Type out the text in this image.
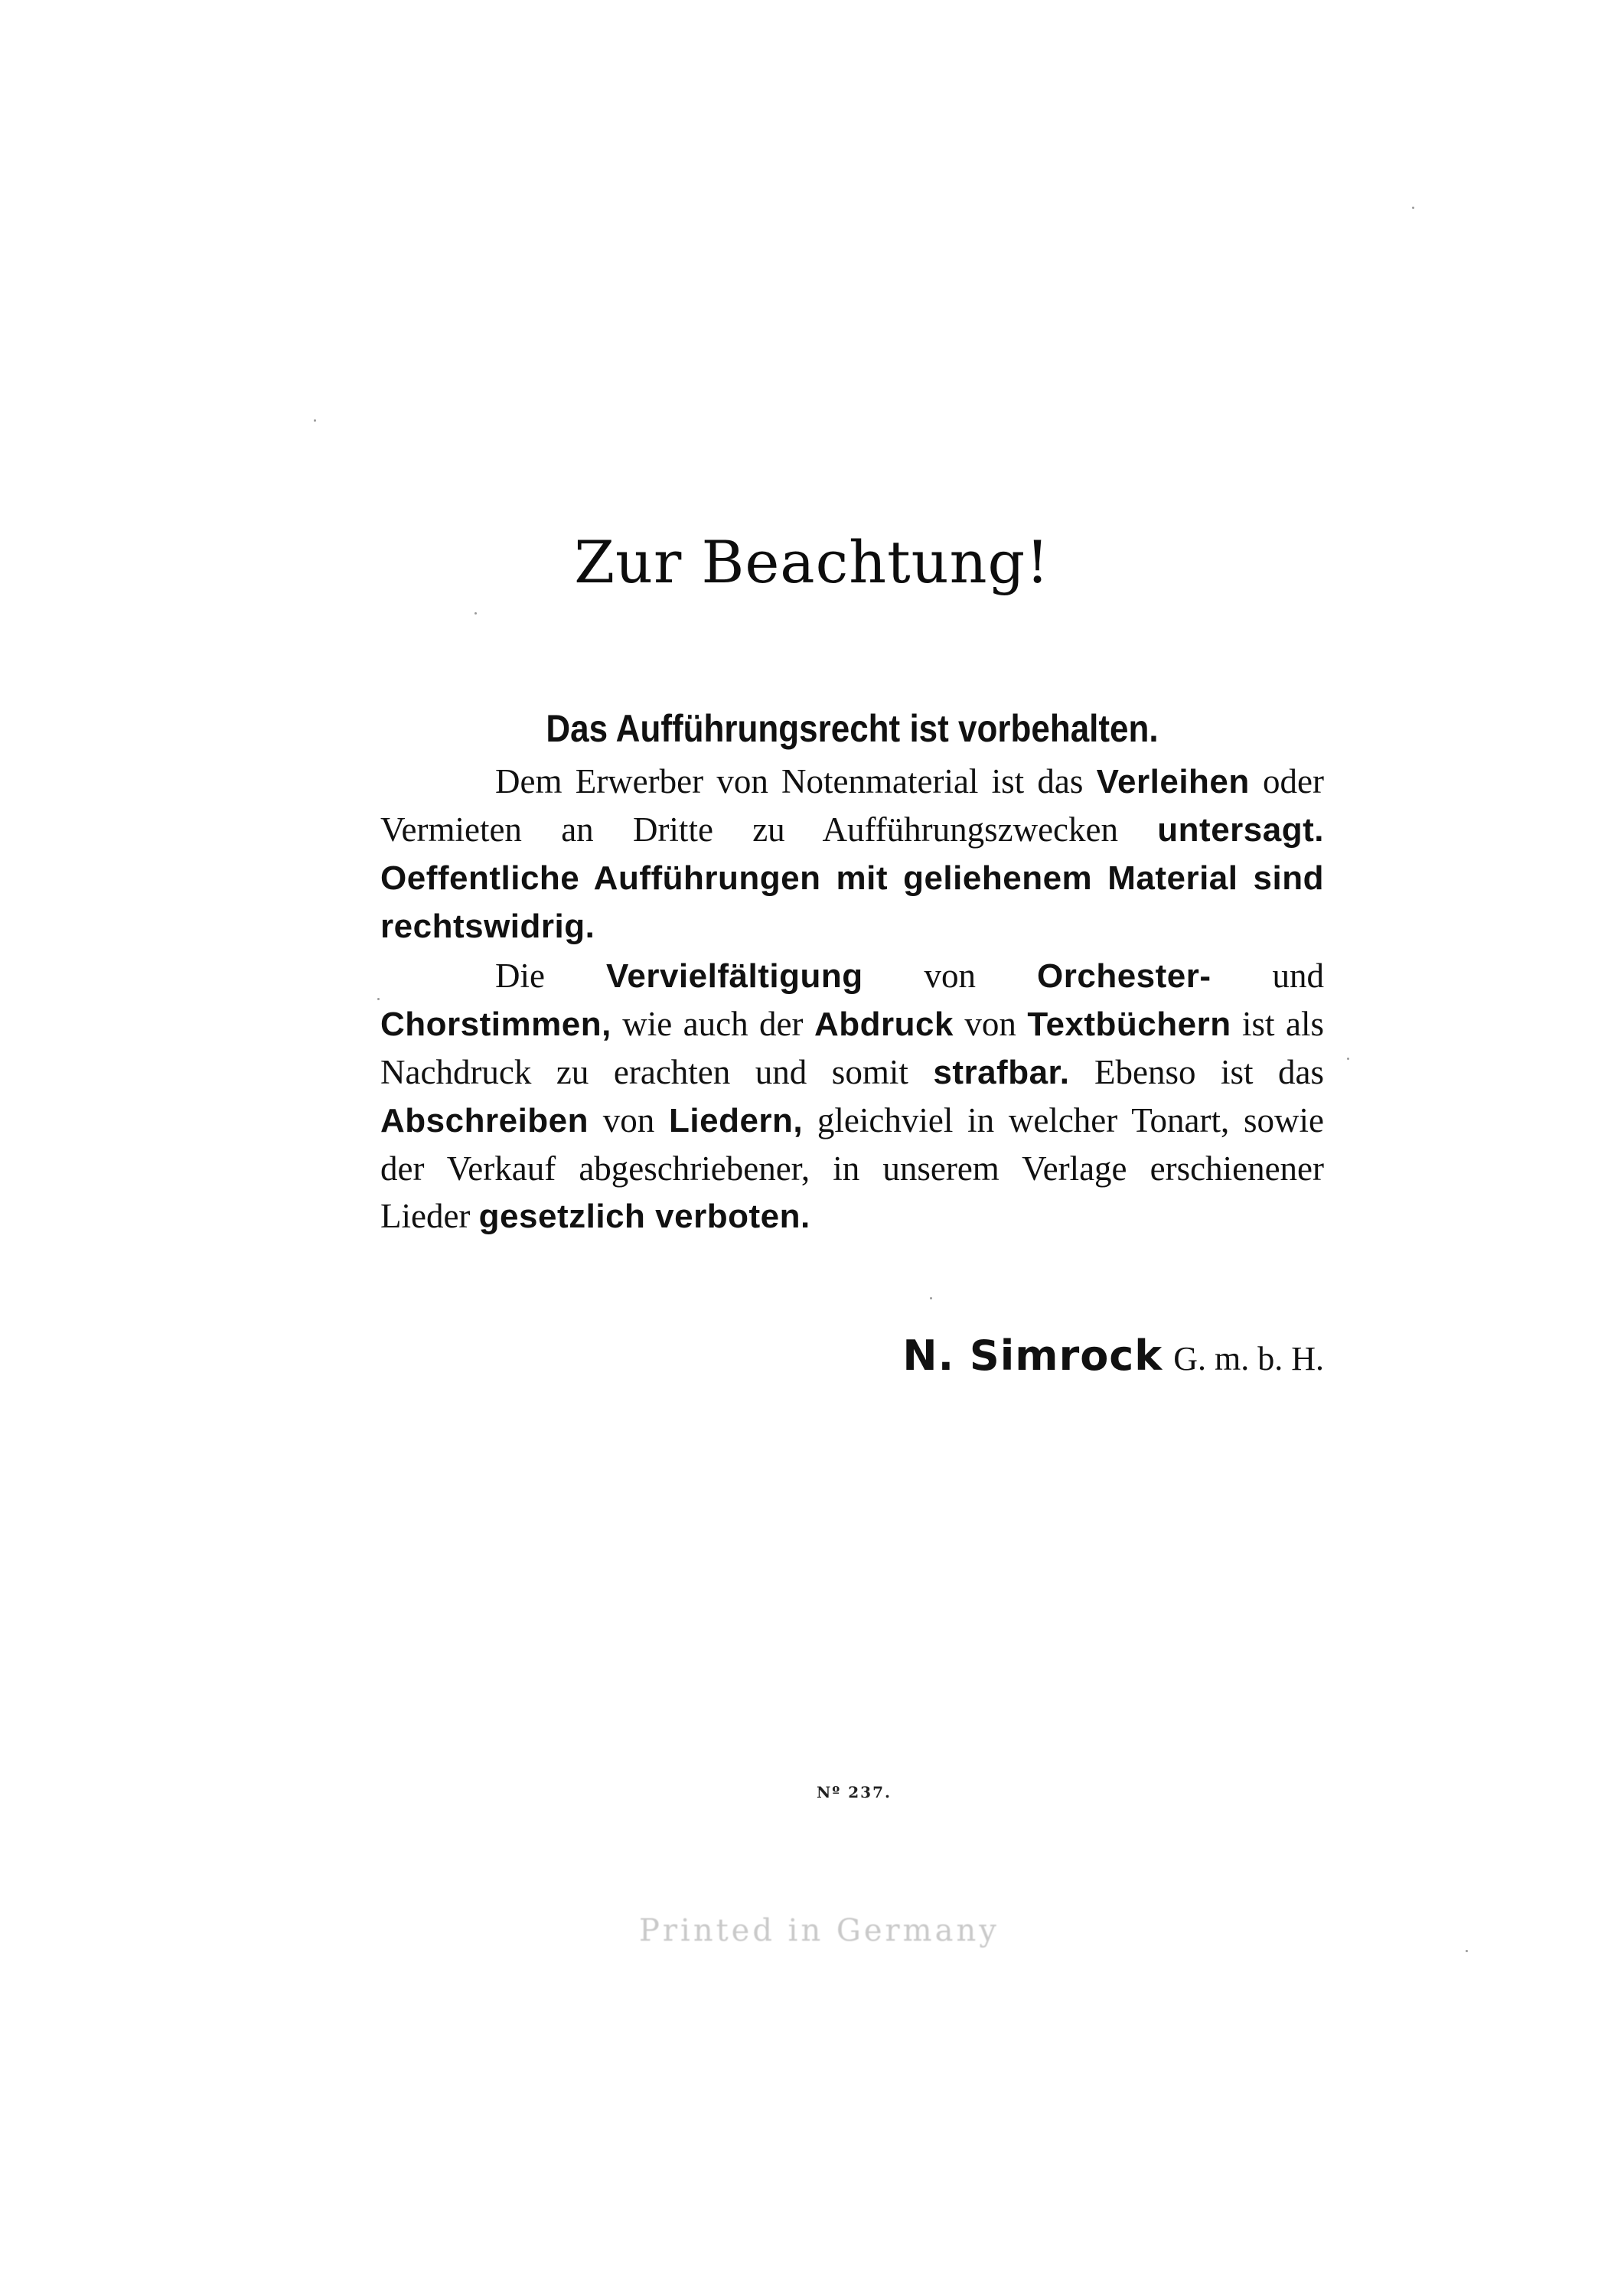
Zur Beachtung!

Das Aufführungsrecht ist vorbehalten.

Dem Erwerber von Notenmaterial ist das Verleihen oder Vermieten an Dritte zu Aufführungszwecken untersagt. Oeffentliche Aufführungen mit geliehenem Material sind rechtswidrig.

Die Vervielfältigung von Orchester- und Chorstimmen, wie auch der Abdruck von Textbüchern ist als Nachdruck zu erachten und somit strafbar. Ebenso ist das Abschreiben von Liedern, gleichviel in welcher Tonart, sowie der Verkauf abgeschriebener, in unserem Verlage erschienener Lieder gesetzlich verboten.

N. Simrock G. m. b. H.
Nº 237.
Printed in Germany
